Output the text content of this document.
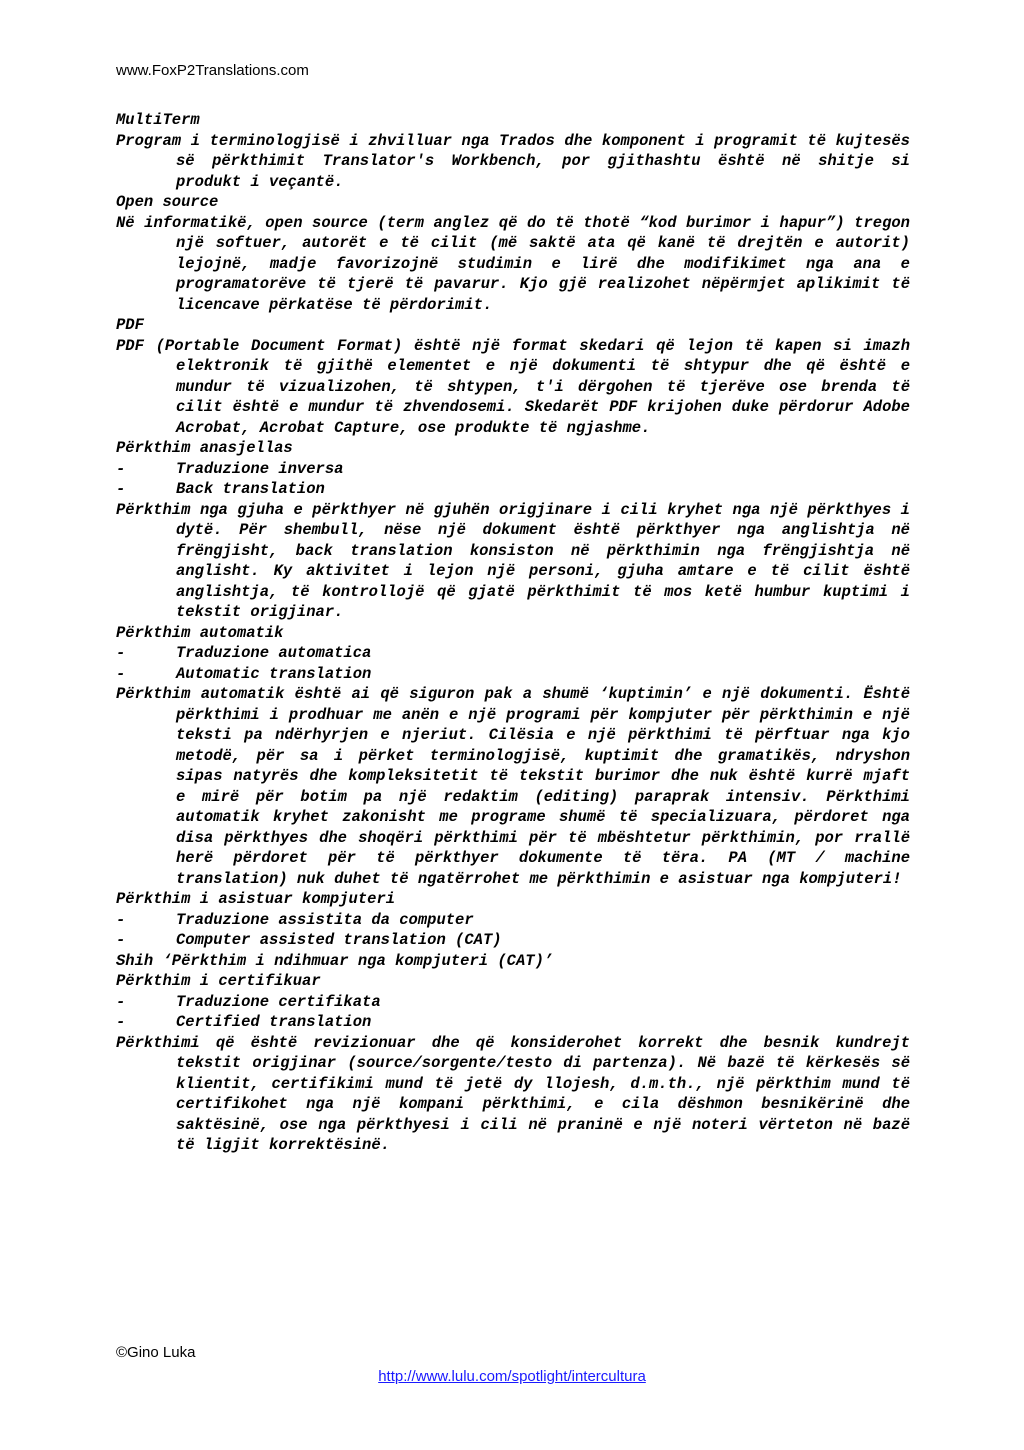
www.FoxP2Translations.com
MultiTerm
Program i terminologjisë i zhvilluar nga Trados dhe komponent i programit të kujtesës së përkthimit Translator's Workbench, por gjithashtu është në shitje si produkt i veçantë.
Open source
Në informatikë, open source (term anglez që do të thotë “kod burimor i hapur”) tregon një softuer, autorët e të cilit (më saktë ata që kanë të drejtën e autorit) lejojnë, madje favorizojnë studimin e lirë dhe modifikimet nga ana e programatorëve të tjerë të pavarur. Kjo gjë realizohet nëpërmjet aplikimit të licencave përkatëse të përdorimit.
PDF
PDF (Portable Document Format) është një format skedari që lejon të kapen si imazh elektronik të gjithë elementet e një dokumenti të shtypur dhe që është e mundur të vizualizohen, të shtypen, t'i dërgohen të tjerëve ose brenda të cilit është e mundur të zhvendosemi. Skedarët PDF krijohen duke përdorur Adobe Acrobat, Acrobat Capture, ose produkte të ngjashme.
Përkthim anasjellas
-	Traduzione inversa
-	Back translation
Përkthim nga gjuha e përkthyer në gjuhën origjinare i cili kryhet nga një përkthyes i dytë. Për shembull, nëse një dokument është përkthyer nga anglishtja në frëngjisht, back translation konsiston në përkthimin nga frëngjishtja në anglisht. Ky aktivitet i lejon një personi, gjuha amtare e të cilit është anglishtja, të kontrollojë që gjatë përkthimit të mos ketë humbur kuptimi i tekstit origjinar.
Përkthim automatik
-	Traduzione automatica
-	Automatic translation
Përkthim automatik është ai që siguron pak a shumë ‘kuptimin’ e një dokumenti. Është përkthimi i prodhuar me anën e një programi për kompjuter për përkthimin e një teksti pa ndërhyrjen e njeriut. Cilësia e një përkthimi të përftuar nga kjo metodë, për sa i përket terminologjisë, kuptimit dhe gramatikës, ndryshon sipas natyrës dhe kompleksitetit të tekstit burimor dhe nuk është kurrë mjaft e mirë për botim pa një redaktim (editing) paraprak intensiv. Përkthimi automatik kryhet zakonisht me programe shumë të specializuara, përdoret nga disa përkthyes dhe shoqëri përkthimi për të mbështetur përkthimin, por rrallë herë përdoret për të përkthyer dokumente të tëra. PA (MT / machine translation) nuk duhet të ngatërrohet me përkthimin e asistuar nga kompjuteri!
Përkthim i asistuar kompjuteri
-	Traduzione assistita da computer
-	Computer assisted translation (CAT)
Shih ‘Përkthim i ndihmuar nga kompjuteri (CAT)’
Përkthim i certifikuar
-	Traduzione certifikata
-	Certified translation
Përkthimi që është revizionuar dhe që konsiderohet korrekt dhe besnik kundrejt tekstit origjinar (source/sorgente/testo di partenza). Në bazë të kërkesës së klientit, certifikimi mund të jetë dy llojesh, d.m.th., një përkthim mund të certifikohet nga një kompani përkthimi, e cila dëshmon besnikërinë dhe saktësinë, ose nga përkthyesi i cili në praninë e një noteri vërteton në bazë të ligjit korrektësinë.
©Gino Luka
http://www.lulu.com/spotlight/intercultura
